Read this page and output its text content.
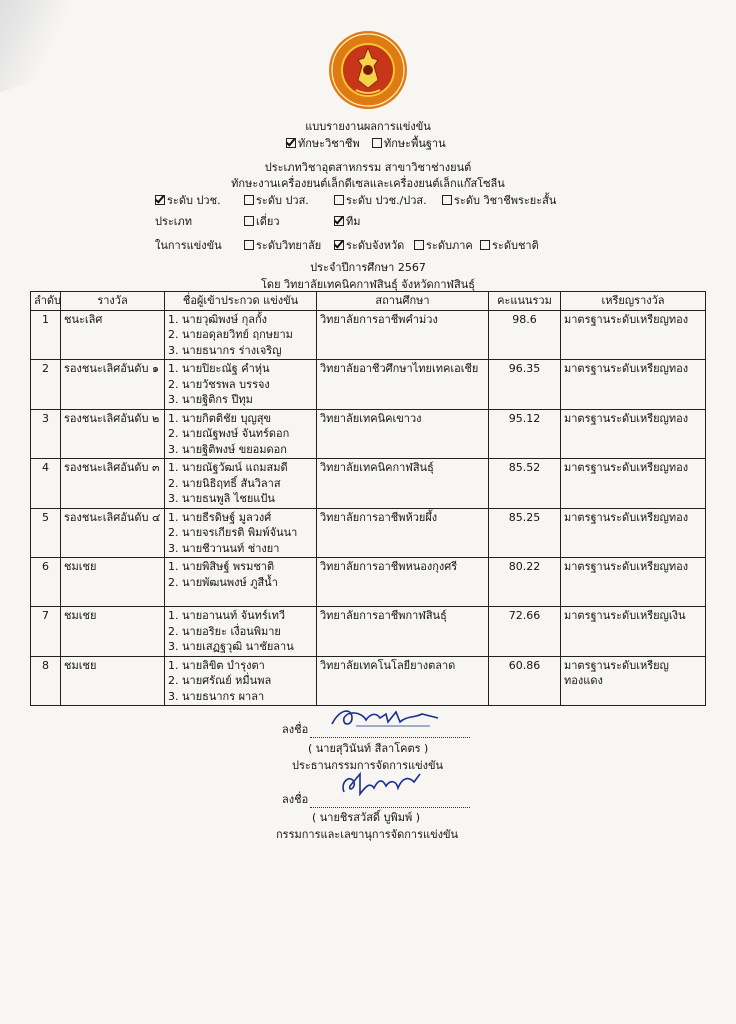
แบบรายงานผลการแข่งขัน
ทักษะวิชาชีพ	ทักษะพื้นฐาน
ประเภทวิชาอุตสาหกรรม สาขาวิชาช่างยนต์
ทักษะงานเครื่องยนต์เล็กดีเซลและเครื่องยนต์เล็กแก๊สโซลีน
ระดับ ปวช.	ระดับ ปวส.	ระดับ ปวช./ปวส.	ระดับ วิชาชีพระยะสั้น
ประเภท	เดี่ยว	ทีม
ในการแข่งขัน	ระดับวิทยาลัย	ระดับจังหวัด	ระดับภาค	ระดับชาติ
ประจำปีการศึกษา 2567
โดย วิทยาลัยเทคนิคกาฬสินธุ์ จังหวัดกาฬสินธุ์
ลำดับ	รางวัล	ชื่อผู้เข้าประกวด แข่งขัน	สถานศึกษา	คะแนนรวม	เหรียญรางวัล
1	ชนะเลิศ	1. นายวุฒิพงษ์ กุลกั้ง
2. นายอดุลยวิทย์ ฤกษยาม
3. นายธนากร ร่างเจริญ	วิทยาลัยการอาชีพคำม่วง	98.6	มาตรฐานระดับเหรียญทอง
2	รองชนะเลิศอันดับ ๑	1. นายปิยะณัฐ คำหุ่น
2. นายวัชรพล บรรจง
3. นายฐิติกร ปีทุม	วิทยาลัยอาชีวศึกษาไทยเทคเอเชีย	96.35	มาตรฐานระดับเหรียญทอง
3	รองชนะเลิศอันดับ ๒	1. นายกิตติชัย บุญสุข
2. นายณัฐพงษ์ จันทร์ดอก
3. นายฐิติพงษ์ ขยอมดอก	วิทยาลัยเทคนิคเขาวง	95.12	มาตรฐานระดับเหรียญทอง
4	รองชนะเลิศอันดับ ๓	1. นายณัฐวัฒน์ แถมสมดี
2. นายนิธิฤทธิ์ สันวิลาส
3. นายธนพูลิ ไชยแป้น	วิทยาลัยเทคนิคกาฬสินธุ์	85.52	มาตรฐานระดับเหรียญทอง
5	รองชนะเลิศอันดับ ๔	1. นายธีรดิษฐ์ มูลวงศ์
2. นายจรเกียรติ พิมพ์จันนา
3. นายชีวานนท์ ช่างยา	วิทยาลัยการอาชีพห้วยผึ้ง	85.25	มาตรฐานระดับเหรียญทอง
6	ชมเชย	1. นายพิสิษฐ์ พรมชาติ
2. นายพัฒนพงษ์ ภูสีน้ำ	วิทยาลัยการอาชีพหนองกุงศรี	80.22	มาตรฐานระดับเหรียญทอง
7	ชมเชย	1. นายอานนท์ จันทร์เทวี
2. นายอริยะ เงื่อนพิมาย
3. นายเสฏฐวุฒิ นาชัยลาน	วิทยาลัยการอาชีพกาฬสินธุ์	72.66	มาตรฐานระดับเหรียญเงิน
8	ชมเชย	1. นายลิขิต บำรุงตา
2. นายศรัณย์ หมื่นพล
3. นายธนากร ผาลา	วิทยาลัยเทคโนโลยียางตลาด	60.86	มาตรฐานระดับเหรียญทองแดง
ลงชื่อ
( นายสุวินันท์ สีลาโคตร )
ประธานกรรมการจัดการแข่งขัน
ลงชื่อ
( นายชิรสวัสดิ์ บูพิมพ์ )
กรรมการและเลขานุการจัดการแข่งขัน
